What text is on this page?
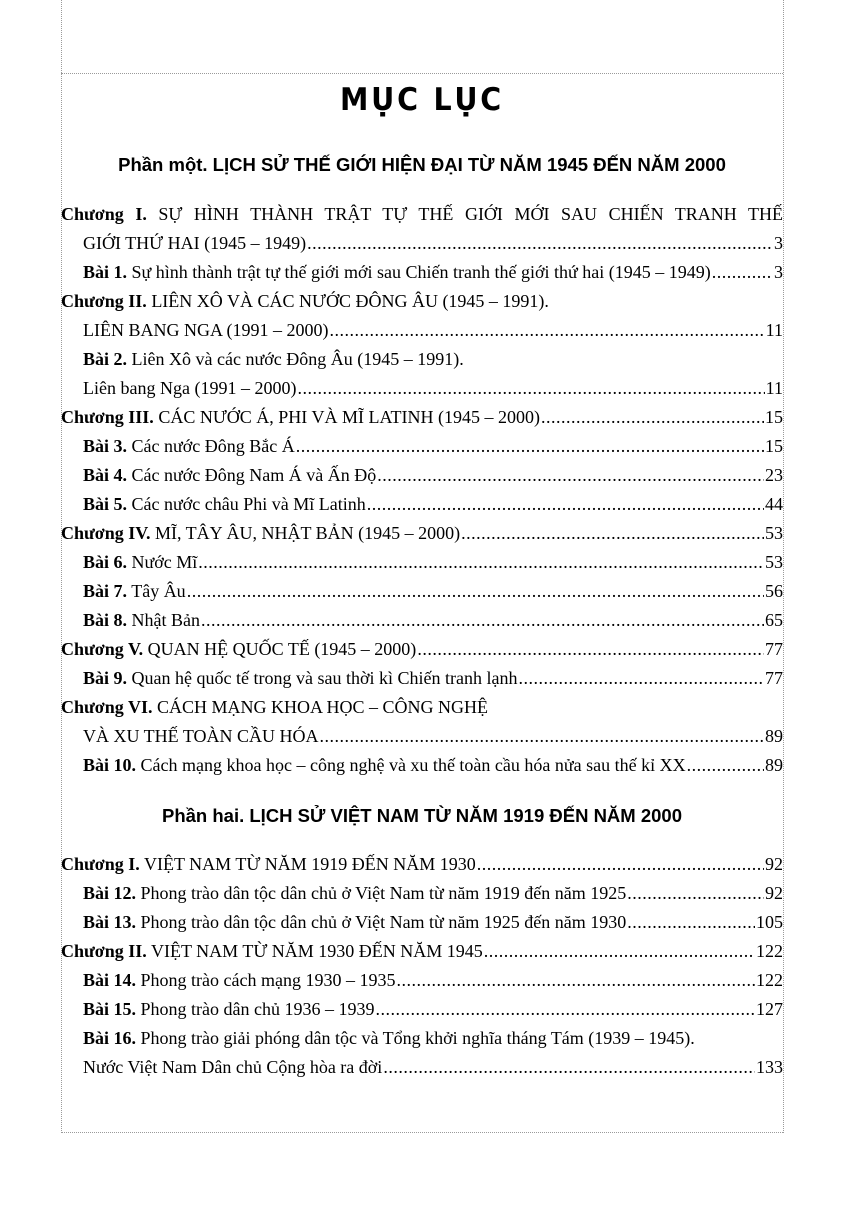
MỤC LỤC
Phần một. LỊCH SỬ THẾ GIỚI HIỆN ĐẠI TỪ NĂM 1945 ĐẾN NĂM 2000
Chương I. SỰ HÌNH THÀNH TRẬT TỰ THẾ GIỚI MỚI SAU CHIẾN TRANH THẾ
GIỚI THỨ HAI (1945 – 1949) .....	3
Bài 1. Sự hình thành trật tự thế giới mới sau Chiến tranh thế giới thứ hai (1945 – 1949) .....	3
Chương II. LIÊN XÔ VÀ CÁC NƯỚC ĐÔNG ÂU (1945 – 1991).
LIÊN BANG NGA (1991 – 2000) .....	11
Bài 2. Liên Xô và các nước Đông Âu (1945 – 1991).
Liên bang Nga (1991 – 2000) .....	11
Chương III. CÁC NƯỚC Á, PHI VÀ MĨ LATINH (1945 – 2000) .....	15
Bài 3. Các nước Đông Bắc Á .....	15
Bài 4. Các nước Đông Nam Á và Ấn Độ .....	23
Bài 5. Các nước châu Phi và Mĩ Latinh .....	44
Chương IV. MĨ, TÂY ÂU, NHẬT BẢN (1945 – 2000) .....	53
Bài 6. Nước Mĩ .....	53
Bài 7. Tây Âu .....	56
Bài 8. Nhật Bản .....	65
Chương V. QUAN HỆ QUỐC TẾ (1945 – 2000) .....	77
Bài 9. Quan hệ quốc tế trong và sau thời kì Chiến tranh lạnh .....	77
Chương VI. CÁCH MẠNG KHOA HỌC – CÔNG NGHỆ
VÀ XU THẾ TOÀN CẦU HÓA .....	89
Bài 10. Cách mạng khoa học – công nghệ và xu thế toàn cầu hóa nửa sau thế kỉ XX .....	89
Phần hai. LỊCH SỬ VIỆT NAM TỪ NĂM 1919 ĐẾN NĂM 2000
Chương I. VIỆT NAM TỪ NĂM 1919 ĐẾN NĂM 1930 .....	92
Bài 12. Phong trào dân tộc dân chủ ở Việt Nam từ năm 1919 đến năm 1925 .....	92
Bài 13. Phong trào dân tộc dân chủ ở Việt Nam từ năm 1925 đến năm 1930 .....	105
Chương II. VIỆT NAM TỪ NĂM 1930 ĐẾN NĂM 1945 .....	122
Bài 14. Phong trào cách mạng 1930 – 1935 .....	122
Bài 15. Phong trào dân chủ 1936 – 1939 .....	127
Bài 16. Phong trào giải phóng dân tộc và Tổng khởi nghĩa tháng Tám (1939 – 1945).
Nước Việt Nam Dân chủ Cộng hòa ra đời .....	133
